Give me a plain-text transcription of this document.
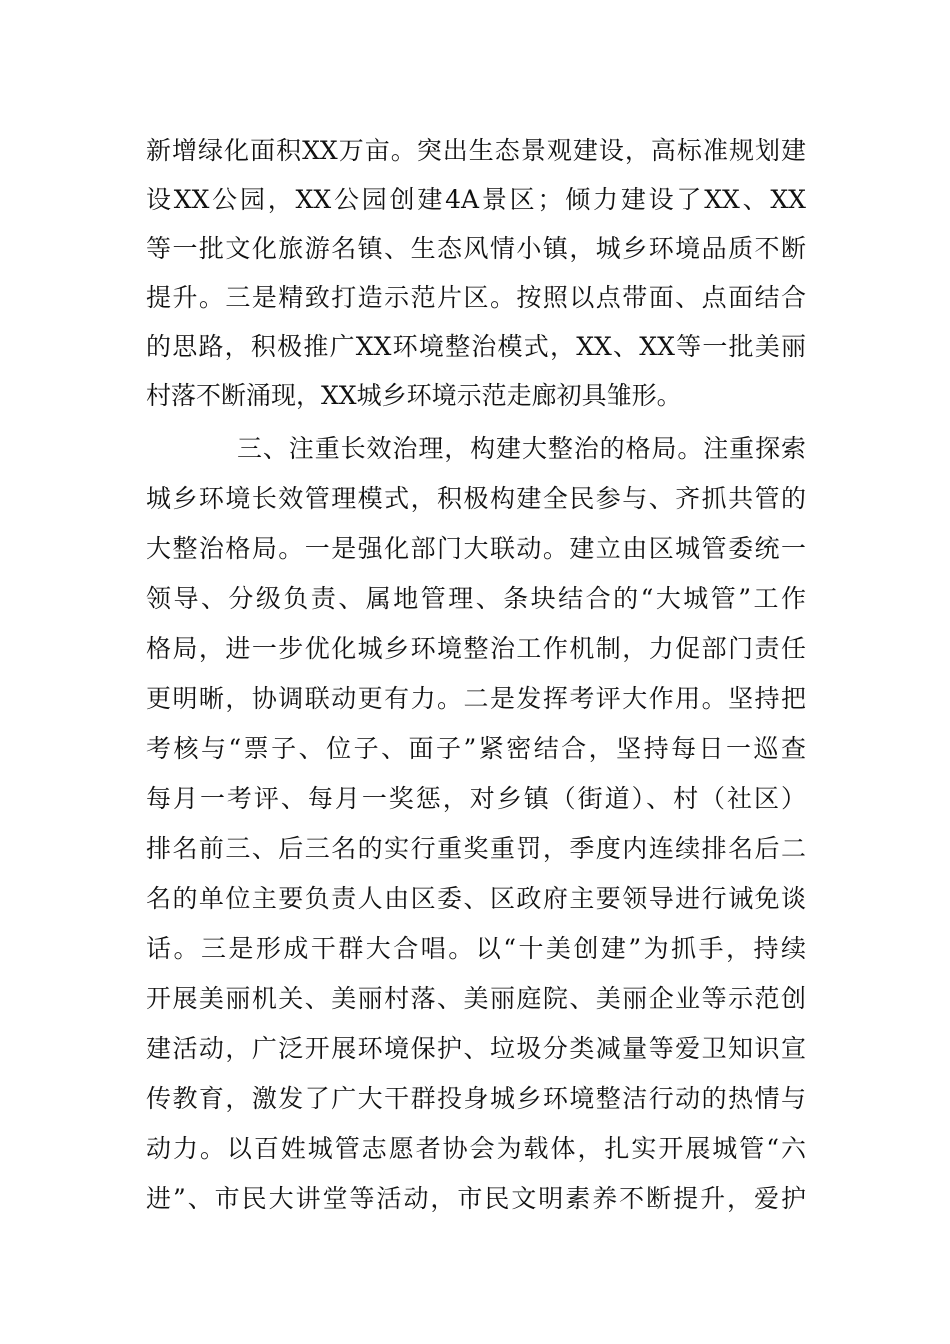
新增绿化面积XX万亩。突出生态景观建设，高标准规划建
设XX公园，XX公园创建4A景区；倾力建设了XX、XX
等一批文化旅游名镇、生态风情小镇，城乡环境品质不断
提升。三是精致打造示范片区。按照以点带面、点面结合
的思路，积极推广XX环境整治模式，XX、XX等一批美丽
村落不断涌现，XX城乡环境示范走廊初具雏形。
三、注重长效治理，构建大整治的格局。注重探索
城乡环境长效管理模式，积极构建全民参与、齐抓共管的
大整治格局。一是强化部门大联动。建立由区城管委统一
领导、分级负责、属地管理、条块结合的“大城管”工作
格局，进一步优化城乡环境整治工作机制，力促部门责任
更明晰，协调联动更有力。二是发挥考评大作用。坚持把
考核与“票子、位子、面子”紧密结合，坚持每日一巡查
每月一考评、每月一奖惩，对乡镇（街道）、村（社区）
排名前三、后三名的实行重奖重罚，季度内连续排名后二
名的单位主要负责人由区委、区政府主要领导进行诫免谈
话。三是形成干群大合唱。以“十美创建”为抓手，持续
开展美丽机关、美丽村落、美丽庭院、美丽企业等示范创
建活动，广泛开展环境保护、垃圾分类减量等爱卫知识宣
传教育，激发了广大干群投身城乡环境整洁行动的热情与
动力。以百姓城管志愿者协会为载体，扎实开展城管“六
进”、市民大讲堂等活动，市民文明素养不断提升，爱护
